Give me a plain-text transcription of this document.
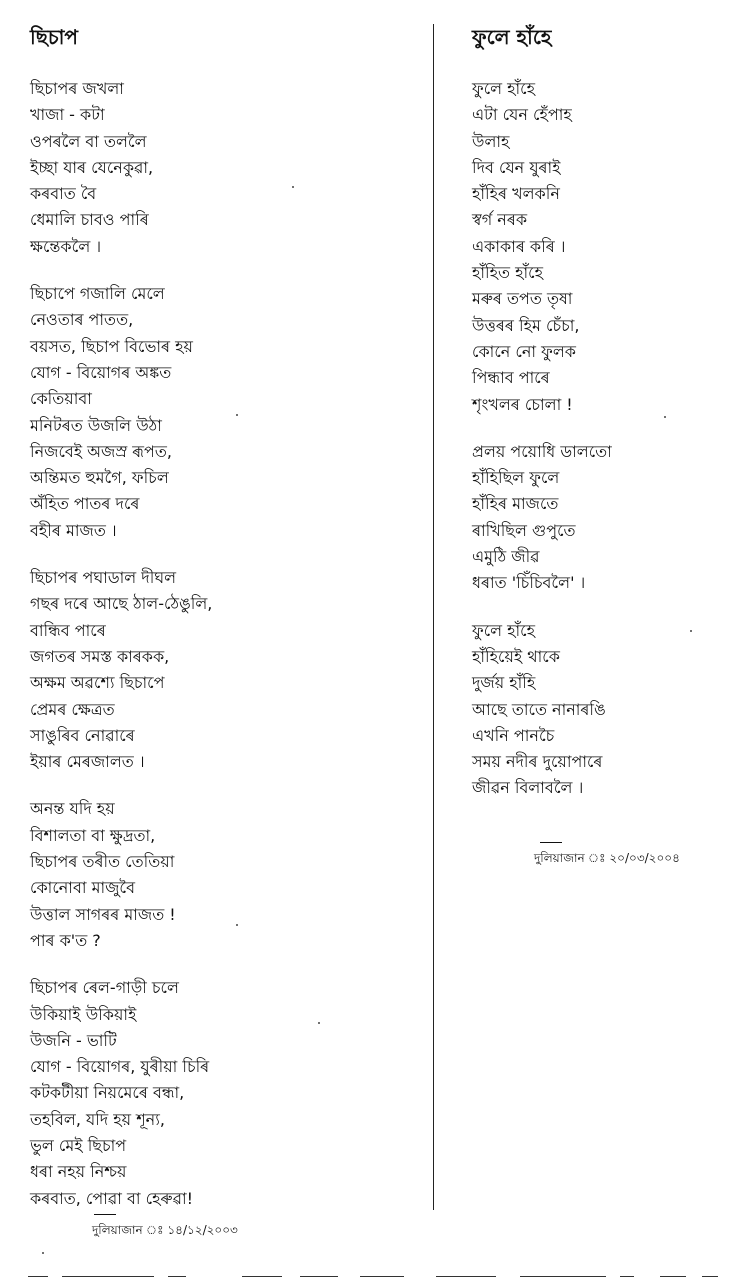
ছিচাপ
ছিচাপৰ জখলা
খাজা - কটা
ওপৰলৈ বা তললৈ
ইচ্ছা যাৰ যেনেকুৱা,
কৰবাত বৈ
ধেমালি চাবও পাৰি
ক্ষন্তেকলৈ ।
ছিচাপে গজালি মেলে
নেওতাৰ পাতত,
বয়সত, ছিচাপ বিভোৰ হয়
যোগ - বিয়োগৰ অঙ্কত
কেতিয়াবা
মনিটৰত উজলি উঠা
নিজবেই অজস্ৰ ৰূপত,
অন্তিমত হুমগৈ, ফচিল
অঁহিত পাতৰ দৰে
বহীৰ মাজত ।
ছিচাপৰ পঘাডাল দীঘল
গছৰ দৰে আছে ঠাল-ঠেঙুলি,
বান্ধিব পাৰে
জগতৰ সমস্ত কাৰকক,
অক্ষম অৱশ্যে ছিচাপে
প্ৰেমৰ ক্ষেত্ৰত
সাঙুৰিব নোৱাৰে
ইয়াৰ মেৰজালত ।
অনন্ত যদি হয়
বিশালতা বা ক্ষুদ্ৰতা,
ছিচাপৰ তৰীত তেতিয়া
কোনোবা মাজুবৈ
উত্তাল সাগৰৰ মাজত !
পাৰ ক'ত ?
ছিচাপৰ ৰেল-গাড়ী চলে
উকিয়াই উকিয়াই
উজনি - ভাটি
যোগ - বিয়োগৰ, যুৰীয়া চিৰি
কটকটীয়া নিয়মেৰে বন্ধা,
তহবিল, যদি হয় শূন্য,
ভুল মেই ছিচাপ
ধৰা নহয় নিশ্চয়
কৰবাত, পোৱা বা হেৰুৱা!
ফুলে হাঁহে
ফুলে হাঁহে
এটা যেন হেঁপাহ
উলাহ
দিব যেন যুৰাই
হাঁহিৰ খলকনি
স্বৰ্গ নৰক
একাকাৰ কৰি ।
হাঁহিত হাঁহে
মৰুৰ তপত তৃষা
উত্তৰৰ হিম চেঁচা,
কোনে নো ফুলক
পিন্ধাব পাৰে
শৃংখলৰ চোলা !
প্ৰলয় পয়োধি ডালতো
হাঁহিছিল ফুলে
হাঁহিৰ মাজতে
ৰাখিছিল গুপুতে
এমুঠি জীৱ
ধৰাত 'চিঁচিবলৈ' ।
ফুলে হাঁহে
হাঁহিয়েই থাকে
দুৰ্জয় হাঁহি
আছে তাতে নানাৰঙি
এখনি পানচৈ
সময় নদীৰ দুয়োপাৰে
জীৱন বিলাবলৈ ।
দুলিয়াজান ঃ ১৪/১২/২০০৩
দুলিয়াজান ঃ ২০/০৩/২০০৪
